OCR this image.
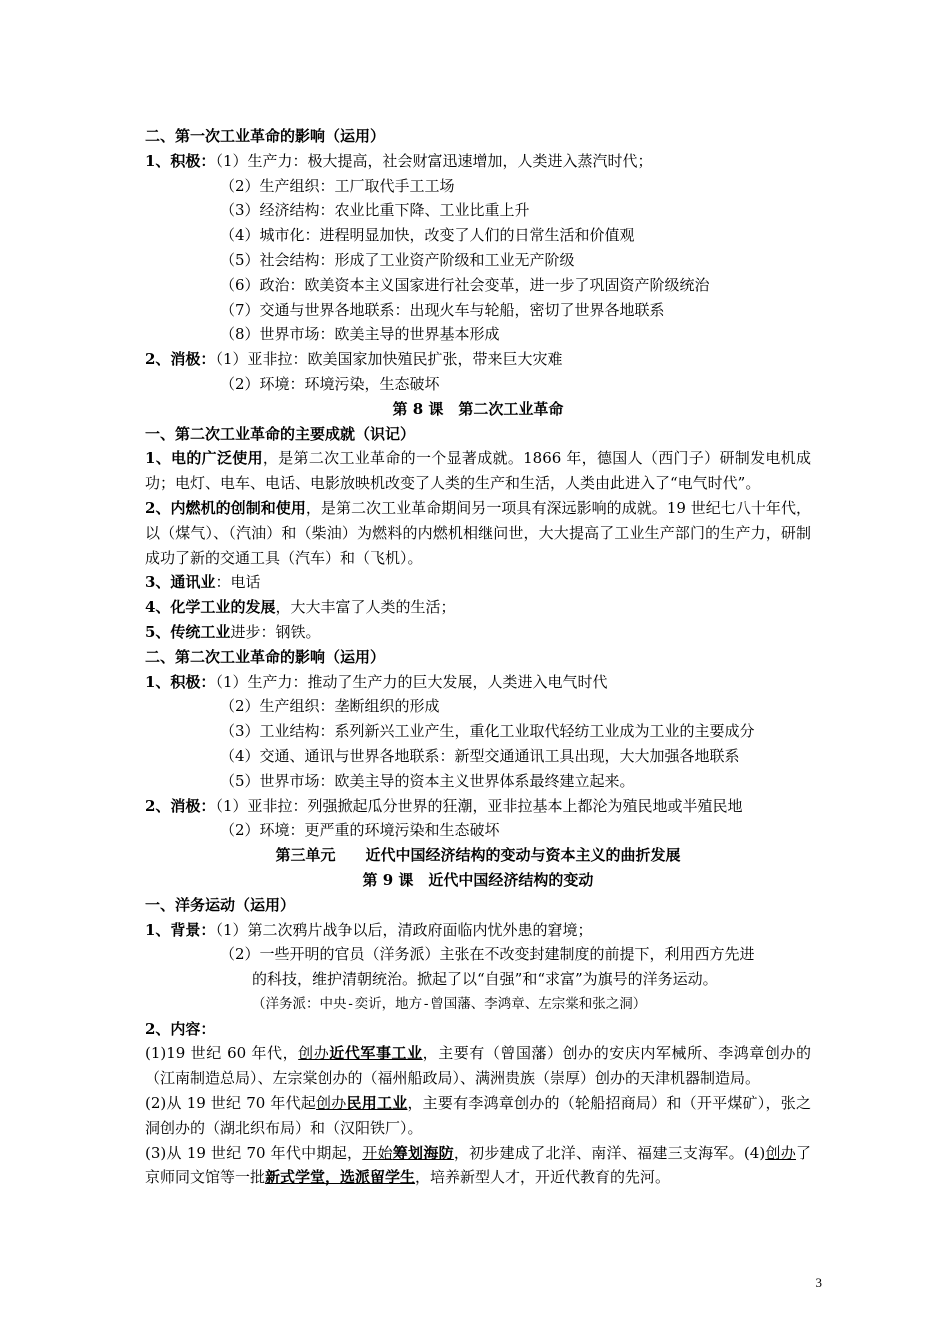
二、第一次工业革命的影响（运用）
1、积极：（1）生产力：极大提高，社会财富迅速增加，人类进入蒸汽时代；
（2）生产组织：工厂取代手工工场
（3）经济结构：农业比重下降、工业比重上升
（4）城市化：进程明显加快，改变了人们的日常生活和价值观
（5）社会结构：形成了工业资产阶级和工业无产阶级
（6）政治：欧美资本主义国家进行社会变革，进一步了巩固资产阶级统治
（7）交通与世界各地联系：出现火车与轮船，密切了世界各地联系
（8）世界市场：欧美主导的世界基本形成
2、消极：（1）亚非拉：欧美国家加快殖民扩张，带来巨大灾难
（2）环境：环境污染，生态破坏
第 8 课　第二次工业革命
一、第二次工业革命的主要成就（识记）

1、电的广泛使用，是第二次工业革命的一个显著成就。1866 年，德国人（西门子）研制发电机成功；电灯、电车、电话、电影放映机改变了人类的生产和生活，人类由此进入了“电气时代”。

2、内燃机的创制和使用，是第二次工业革命期间另一项具有深远影响的成就。19 世纪七八十年代，以（煤气）、（汽油）和（柴油）为燃料的内燃机相继问世，大大提高了工业生产部门的生产力，研制成功了新的交通工具（汽车）和（飞机）。

3、通讯业：电话
4、化学工业的发展，大大丰富了人类的生活；
5、传统工业进步：钢铁。
二、第二次工业革命的影响（运用）
1、积极：（1）生产力：推动了生产力的巨大发展，人类进入电气时代
（2）生产组织：垄断组织的形成
（3）工业结构：系列新兴工业产生，重化工业取代轻纺工业成为工业的主要成分
（4）交通、通讯与世界各地联系：新型交通通讯工具出现，大大加强各地联系
（5）世界市场：欧美主导的资本主义世界体系最终建立起来。
2、消极：（1）亚非拉：列强掀起瓜分世界的狂潮，亚非拉基本上都沦为殖民地或半殖民地
（2）环境：更严重的环境污染和生态破坏
第三单元　　近代中国经济结构的变动与资本主义的曲折发展
第 9 课　近代中国经济结构的变动
一、洋务运动（运用）
1、背景：（1）第二次鸦片战争以后，清政府面临内忧外患的窘境；
（2）一些开明的官员（洋务派）主张在不改变封建制度的前提下，利用西方先进
的科技，维护清朝统治。掀起了以“自强”和“求富”为旗号的洋务运动。
（洋务派：中央-奕䜣，地方-曾国藩、李鸿章、左宗棠和张之洞）
2、内容：

(1)19 世纪 60 年代，创办近代军事工业，主要有（曾国藩）创办的安庆内军械所、李鸿章创办的（江南制造总局）、左宗棠创办的（福州船政局）、满洲贵族（崇厚）创办的天津机器制造局。

(2)从 19 世纪 70 年代起创办民用工业，主要有李鸿章创办的（轮船招商局）和（开平煤矿），张之洞创办的（湖北织布局）和（汉阳铁厂）。

(3)从 19 世纪 70 年代中期起，开始筹划海防，初步建成了北洋、南洋、福建三支海军。(4)创办了京师同文馆等一批新式学堂，选派留学生，培养新型人才，开近代教育的先河。

3
